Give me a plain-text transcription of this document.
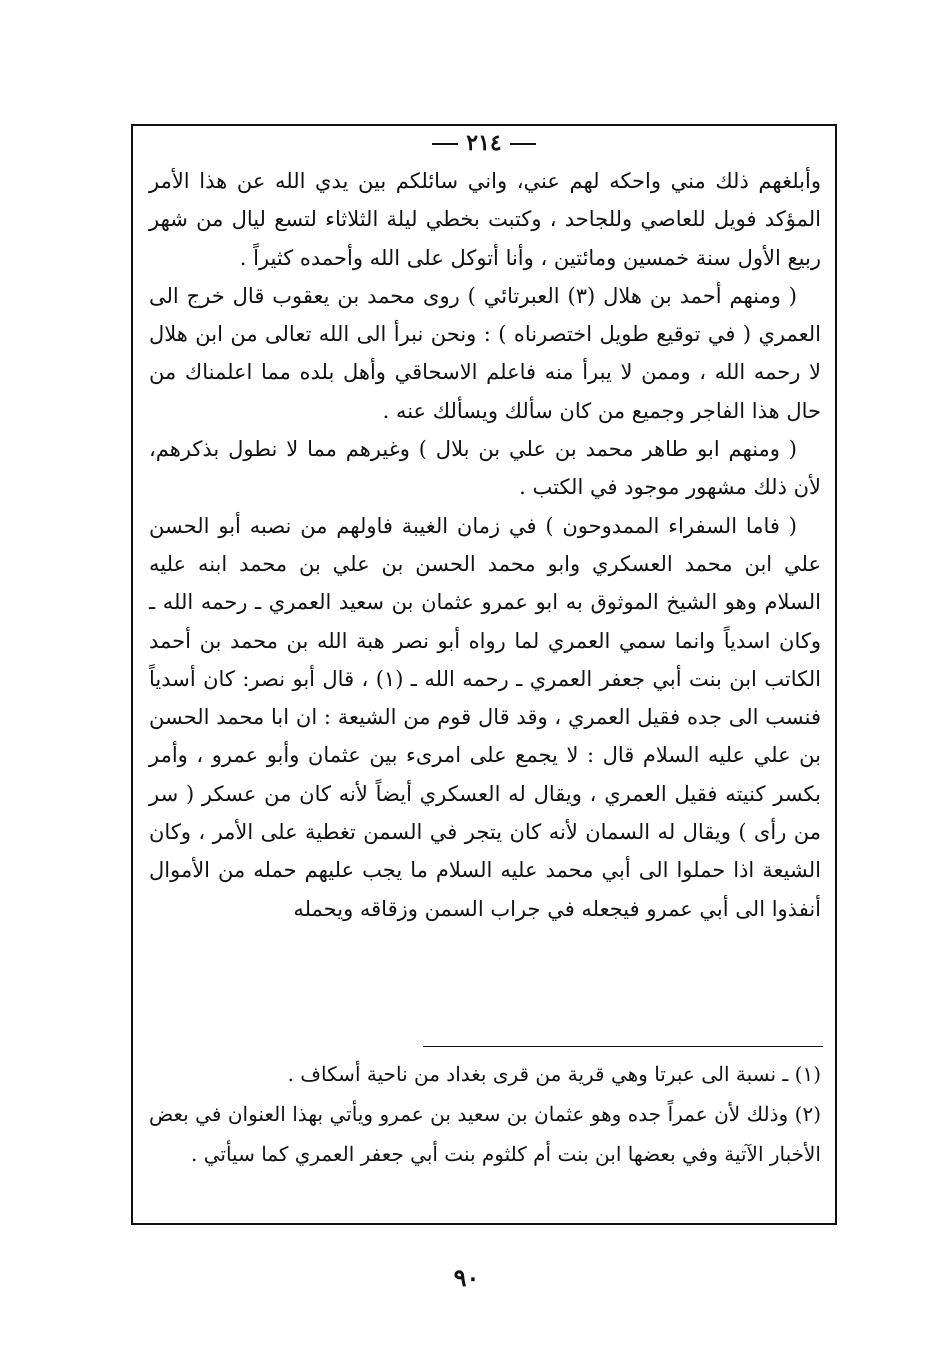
٢١٤

وأبلغهم ذلك مني واحكه لهم عني، واني سائلكم بين يدي الله عن هذا الأمر المؤكد فويل للعاصي وللجاحد ، وكتبت بخطي ليلة الثلاثاء لتسع ليال من شهر ربيع الأول سنة خمسين ومائتين ، وأنا أتوكل على الله وأحمده كثيراً .

( ومنهم أحمد بن هلال (٣) العبرتائي ) روى محمد بن يعقوب قال خرج الى العمري ( في توقيع طويل اختصرناه ) : ونحن نبرأ الى الله تعالى من ابن هلال لا رحمه الله ، وممن لا يبرأ منه فاعلم الاسحاقي وأهل بلده مما اعلمناك من حال هذا الفاجر وجميع من كان سألك ويسألك عنه .

( ومنهم ابو طاهر محمد بن علي بن بلال ) وغيرهم مما لا نطول بذكرهم، لأن ذلك مشهور موجود في الكتب .

( فاما السفراء الممدوحون ) في زمان الغيبة فاولهم من نصبه أبو الحسن علي ابن محمد العسكري وابو محمد الحسن بن علي بن محمد ابنه عليه السلام وهو الشيخ الموثوق به ابو عمرو عثمان بن سعيد العمري ـ رحمه الله ـ وكان اسدياً وانما سمي العمري لما رواه أبو نصر هبة الله بن محمد بن أحمد الكاتب ابن بنت أبي جعفر العمري ـ رحمه الله ـ (١) ، قال أبو نصر: كان أسدياً فنسب الى جده فقيل العمري ، وقد قال قوم من الشيعة : ان ابا محمد الحسن بن علي عليه السلام قال : لا يجمع على امرىء بين عثمان وأبو عمرو ، وأمر بكسر كنيته فقيل العمري ، ويقال له العسكري أيضاً لأنه كان من عسكر ( سر من رأى ) ويقال له السمان لأنه كان يتجر في السمن تغطية على الأمر ، وكان الشيعة اذا حملوا الى أبي محمد عليه السلام ما يجب عليهم حمله من الأموال أنفذوا الى أبي عمرو فيجعله في جراب السمن وزقاقه ويحمله

(١) ـ نسبة الى عبرتا وهي قرية من قرى بغداد من ناحية أسكاف .

(٢) وذلك لأن عمراً جده وهو عثمان بن سعيد بن عمرو ويأتي بهذا العنوان في بعض الأخبار الآتية وفي بعضها ابن بنت أم كلثوم بنت أبي جعفر العمري كما سيأتي .

٩٠
